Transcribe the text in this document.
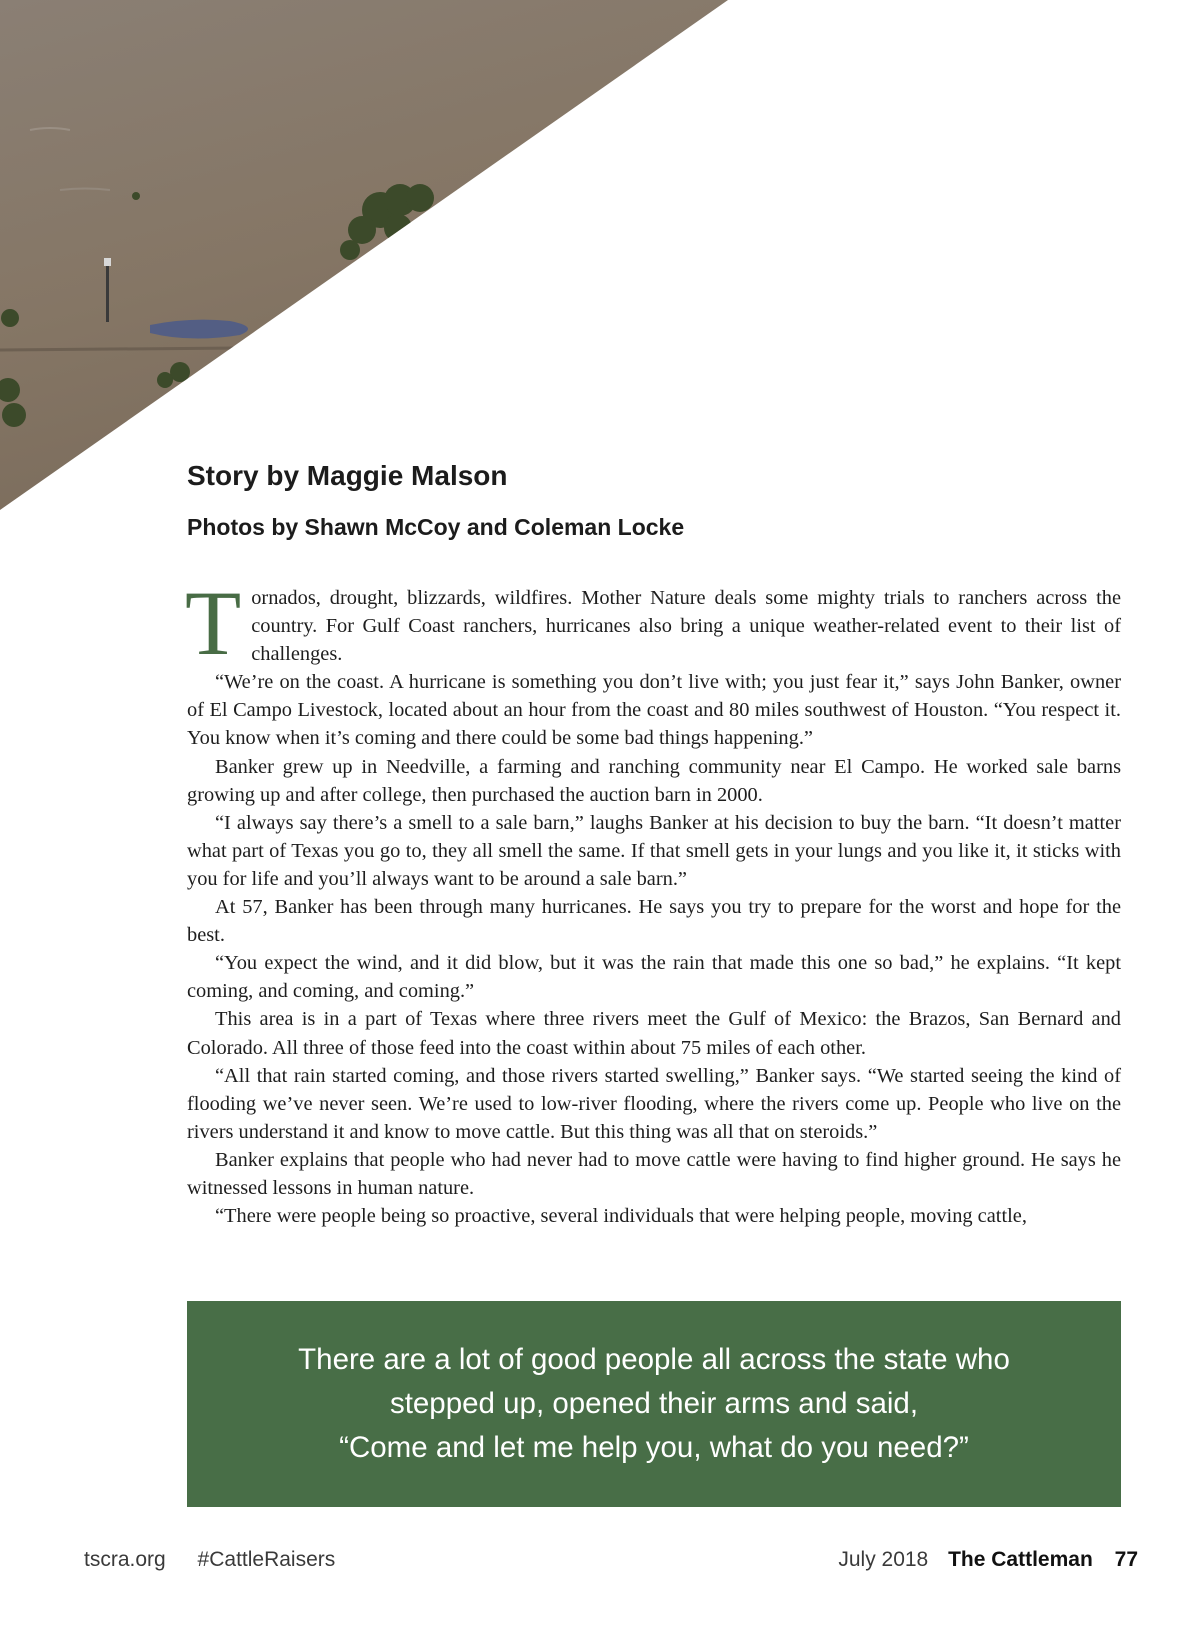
Story by Maggie Malson
Photos by Shawn McCoy and Coleman Locke

Tornados, drought, blizzards, wildfires. Mother Nature deals some mighty trials to ranchers across the country. For Gulf Coast ranchers, hurricanes also bring a unique weather-related event to their list of challenges.

“We’re on the coast. A hurricane is something you don’t live with; you just fear it,” says John Banker, owner of El Campo Livestock, located about an hour from the coast and 80 miles southwest of Houston. “You respect it. You know when it’s coming and there could be some bad things happening.”

Banker grew up in Needville, a farming and ranching community near El Campo. He worked sale barns growing up and after college, then purchased the auction barn in 2000.

“I always say there’s a smell to a sale barn,” laughs Banker at his decision to buy the barn. “It doesn’t matter what part of Texas you go to, they all smell the same. If that smell gets in your lungs and you like it, it sticks with you for life and you’ll always want to be around a sale barn.”

At 57, Banker has been through many hurricanes. He says you try to prepare for the worst and hope for the best.

“You expect the wind, and it did blow, but it was the rain that made this one so bad,” he explains. “It kept coming, and coming, and coming.”

This area is in a part of Texas where three rivers meet the Gulf of Mexico: the Brazos, San Bernard and Colorado. All three of those feed into the coast within about 75 miles of each other.

“All that rain started coming, and those rivers started swelling,” Banker says. “We started seeing the kind of flooding we’ve never seen. We’re used to low-river flooding, where the rivers come up. People who live on the rivers understand it and know to move cattle. But this thing was all that on steroids.”

Banker explains that people who had never had to move cattle were having to find higher ground. He says he witnessed lessons in human nature.

“There were people being so proactive, several individuals that were helping people, moving cattle,

There are a lot of good people all across the state who
stepped up, opened their arms and said,
“Come and let me help you, what do you need?”
tscra.org #CattleRaisers	July 2018 The Cattleman 77
